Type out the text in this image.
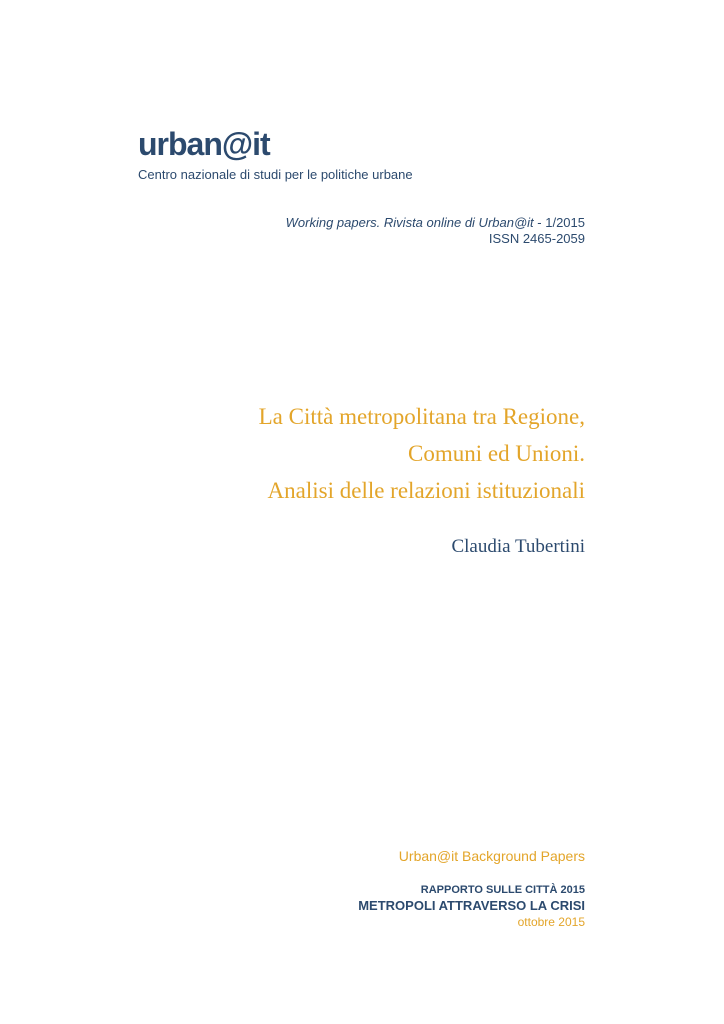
urban@it
Centro nazionale di studi per le politiche urbane
Working papers. Rivista online di Urban@it - 1/2015
ISSN 2465-2059
La Città metropolitana tra Regione,
Comuni ed Unioni.
Analisi delle relazioni istituzionali
Claudia Tubertini
Urban@it Background Papers
RAPPORTO SULLE CITTÀ 2015
METROPOLI ATTRAVERSO LA CRISI
ottobre 2015
